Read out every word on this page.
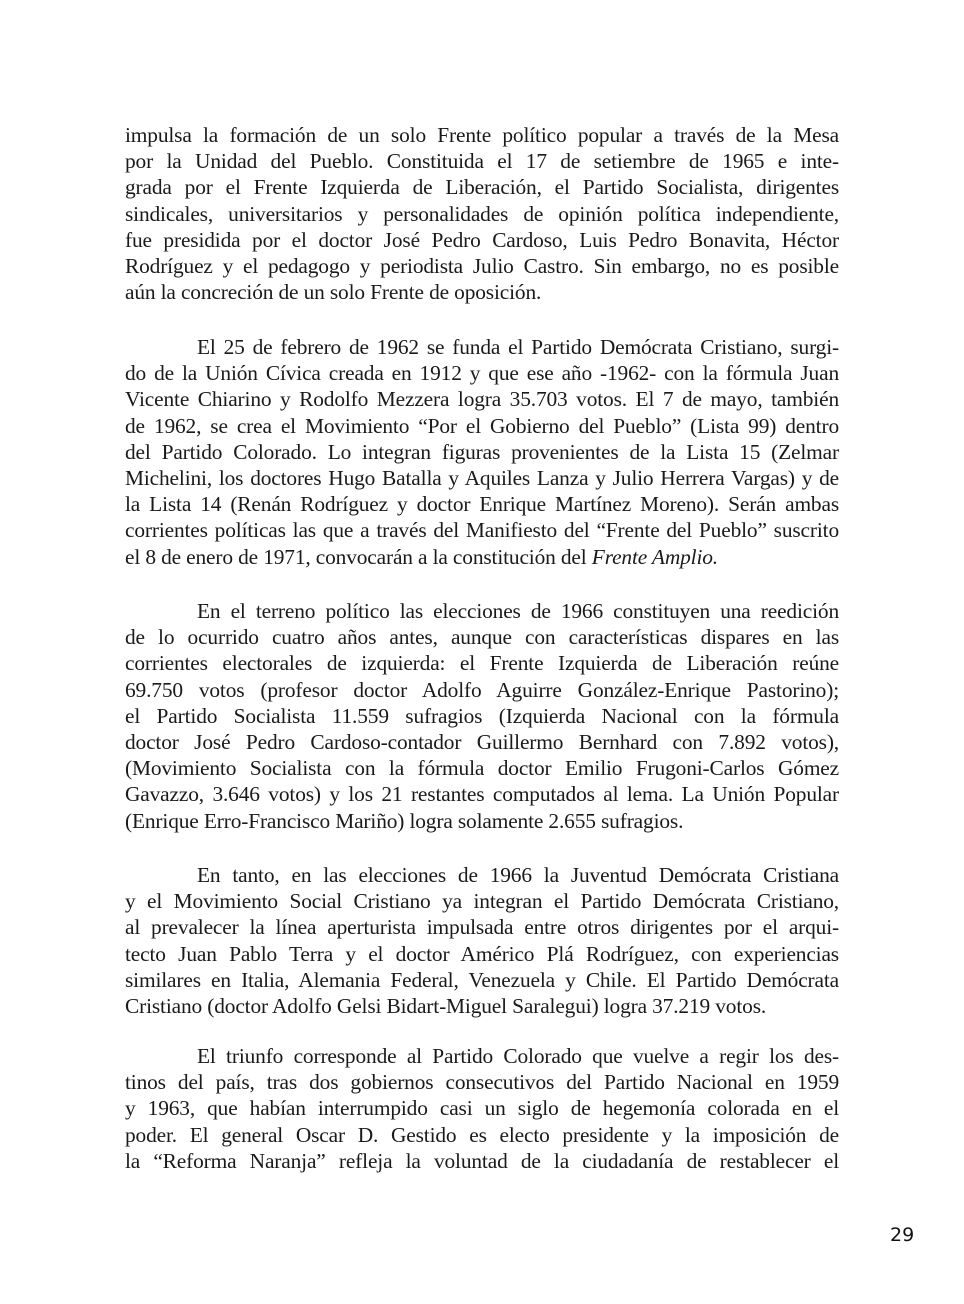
impulsa la formación de un solo Frente político popular a través de la Mesa
por la Unidad del Pueblo. Constituida el 17 de setiembre de 1965 e inte-
grada por el Frente Izquierda de Liberación, el Partido Socialista, dirigentes
sindicales, universitarios y personalidades de opinión política independiente,
fue presidida por el doctor José Pedro Cardoso, Luis Pedro Bonavita, Héctor
Rodríguez y el pedagogo y periodista Julio Castro. Sin embargo, no es posible
aún la concreción de un solo Frente de oposición.
El 25 de febrero de 1962 se funda el Partido Demócrata Cristiano, surgi-
do de la Unión Cívica creada en 1912 y que ese año -1962- con la fórmula Juan
Vicente Chiarino y Rodolfo Mezzera logra 35.703 votos. El 7 de mayo, también
de 1962, se crea el Movimiento “Por el Gobierno del Pueblo” (Lista 99) dentro
del Partido Colorado. Lo integran figuras provenientes de la Lista 15 (Zelmar
Michelini, los doctores Hugo Batalla y Aquiles Lanza y Julio Herrera Vargas) y de
la Lista 14 (Renán Rodríguez y doctor Enrique Martínez Moreno). Serán ambas
corrientes políticas las que a través del Manifiesto del “Frente del Pueblo” suscrito
el 8 de enero de 1971, convocarán a la constitución del Frente Amplio.
En el terreno político las elecciones de 1966 constituyen una reedición
de lo ocurrido cuatro años antes, aunque con características dispares en las
corrientes electorales de izquierda: el Frente Izquierda de Liberación reúne
69.750 votos (profesor doctor Adolfo Aguirre González-Enrique Pastorino);
el Partido Socialista 11.559 sufragios (Izquierda Nacional con la fórmula
doctor José Pedro Cardoso-contador Guillermo Bernhard con 7.892 votos),
(Movimiento Socialista con la fórmula doctor Emilio Frugoni-Carlos Gómez
Gavazzo, 3.646 votos) y los 21 restantes computados al lema. La Unión Popular
(Enrique Erro-Francisco Mariño) logra solamente 2.655 sufragios.
En tanto, en las elecciones de 1966 la Juventud Demócrata Cristiana
y el Movimiento Social Cristiano ya integran el Partido Demócrata Cristiano,
al prevalecer la línea aperturista impulsada entre otros dirigentes por el arqui-
tecto Juan Pablo Terra y el doctor Américo Plá Rodríguez, con experiencias
similares en Italia, Alemania Federal, Venezuela y Chile. El Partido Demócrata
Cristiano (doctor Adolfo Gelsi Bidart-Miguel Saralegui) logra 37.219 votos.
El triunfo corresponde al Partido Colorado que vuelve a regir los des-
tinos del país, tras dos gobiernos consecutivos del Partido Nacional en 1959
y 1963, que habían interrumpido casi un siglo de hegemonía colorada en el
poder. El general Oscar D. Gestido es electo presidente y la imposición de
la “Reforma Naranja” refleja la voluntad de la ciudadanía de restablecer el
29
